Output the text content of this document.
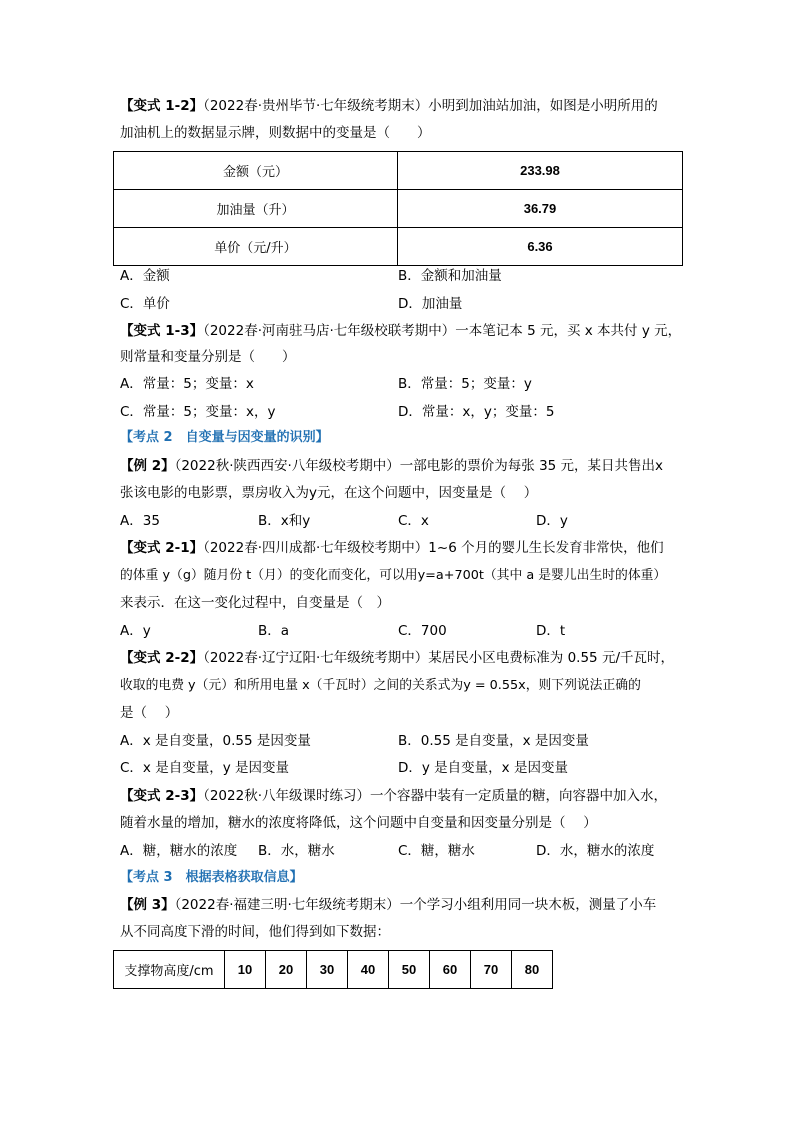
【变式 1-2】（2022春·贵州毕节·七年级统考期末）小明到加油站加油，如图是小明所用的
加油机上的数据显示牌，则数据中的变量是（　　）
金额（元）	233.98
加油量（升）	36.79
单价（元/升）	6.36
A．金额	B．金额和加油量
C．单价	D．加油量
【变式 1-3】（2022春·河南驻马店·七年级校联考期中）一本笔记本 5 元，买 x 本共付 y 元，
则常量和变量分别是（　　）
A．常量：5；变量：x	B．常量：5；变量：y
C．常量：5；变量：x，y	D．常量：x，y；变量：5
【考点 2　自变量与因变量的识别】
【例 2】（2022秋·陕西西安·八年级校考期中）一部电影的票价为每张 35 元，某日共售出x
张该电影的电影票，票房收入为y元，在这个问题中，因变量是（　 ）
A．35	B．x和y	C．x	D．y
【变式 2-1】（2022春·四川成都·七年级校考期中）1~6 个月的婴儿生长发育非常快，他们
的体重 y（g）随月份 t（月）的变化而变化，可以用y=a+700t（其中 a 是婴儿出生时的体重）
来表示．在这一变化过程中，自变量是（　）
A．y	B．a	C．700	D．t
【变式 2-2】（2022春·辽宁辽阳·七年级统考期中）某居民小区电费标准为 0.55 元/千瓦时，
收取的电费 y（元）和所用电量 x（千瓦时）之间的关系式为y = 0.55x，则下列说法正确的
是（　 ）
A．x 是自变量，0.55 是因变量	B．0.55 是自变量，x 是因变量
C．x 是自变量，y 是因变量	D．y 是自变量，x 是因变量
【变式 2-3】（2022秋·八年级课时练习）一个容器中装有一定质量的糖，向容器中加入水，
随着水量的增加，糖水的浓度将降低，这个问题中自变量和因变量分别是（　 ）
A．糖，糖水的浓度 B．水，糖水	C．糖，糖水	D．水，糖水的浓度
【考点 3　根据表格获取信息】
【例 3】（2022春·福建三明·七年级统考期末）一个学习小组利用同一块木板，测量了小车
从不同高度下滑的时间，他们得到如下数据：
支撑物高度/cm	10	20	30	40	50	60	70	80
